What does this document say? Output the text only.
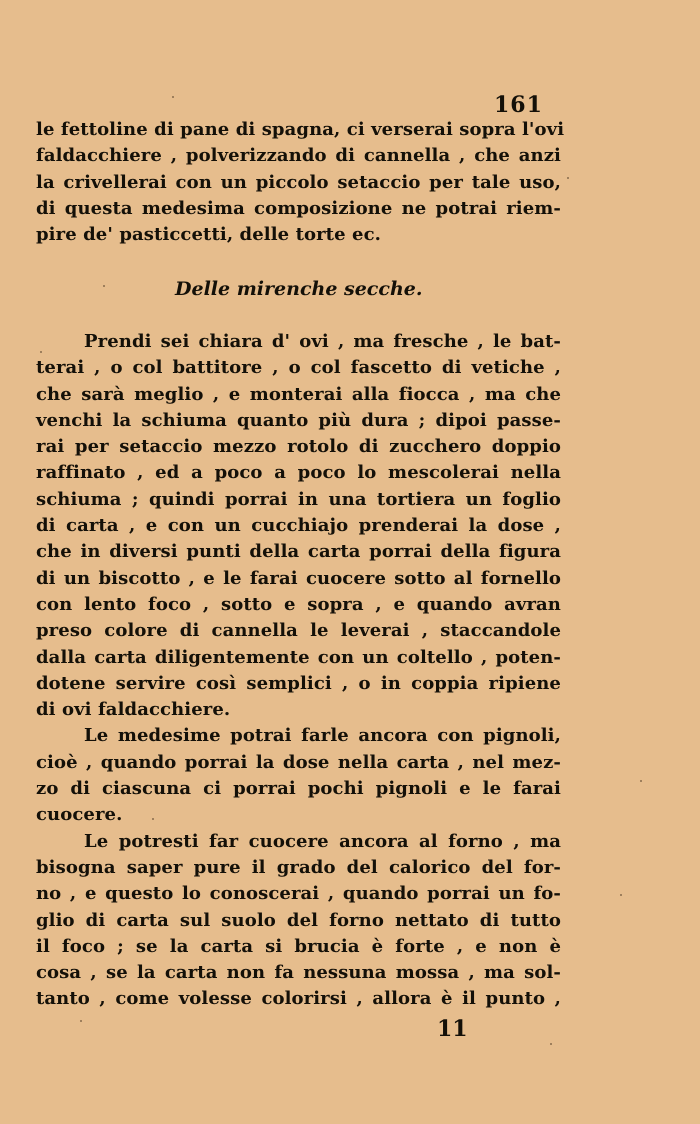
161
le fettoline di pane di spagna, ci verserai sopra l'ovi
faldacchiere , polverizzando di cannella , che anzi
la crivellerai con un piccolo setaccio per tale uso,
di questa medesima composizione ne potrai riem-
pire de' pasticcetti, delle torte ec.
Delle mirenche secche.
Prendi sei chiara d' ovi , ma fresche , le bat-
terai , o col battitore , o col fascetto di vetiche ,
che sarà meglio , e monterai alla fiocca , ma che
venchi la schiuma quanto più dura ; dipoi passe-
rai per setaccio mezzo rotolo di zucchero doppio
raffinato , ed a poco a poco lo mescolerai nella
schiuma ; quindi porrai in una tortiera un foglio
di carta , e con un cucchiajo prenderai la dose ,
che in diversi punti della carta porrai della figura
di un biscotto , e le farai cuocere sotto al fornello
con lento foco , sotto e sopra , e quando avran
preso colore di cannella le leverai , staccandole
dalla carta diligentemente con un coltello , poten-
dotene servire così semplici , o in coppia ripiene
di ovi faldacchiere.
Le medesime potrai farle ancora con pignoli,
cioè , quando porrai la dose nella carta , nel mez-
zo di ciascuna ci porrai pochi pignoli e le farai
cuocere.
Le potresti far cuocere ancora al forno , ma
bisogna saper pure il grado del calorico del for-
no , e questo lo conoscerai , quando porrai un fo-
glio di carta sul suolo del forno nettato di tutto
il foco ; se la carta si brucia è forte , e non è
cosa , se la carta non fa nessuna mossa , ma sol-
tanto , come volesse colorirsi , allora è il punto ,
11
